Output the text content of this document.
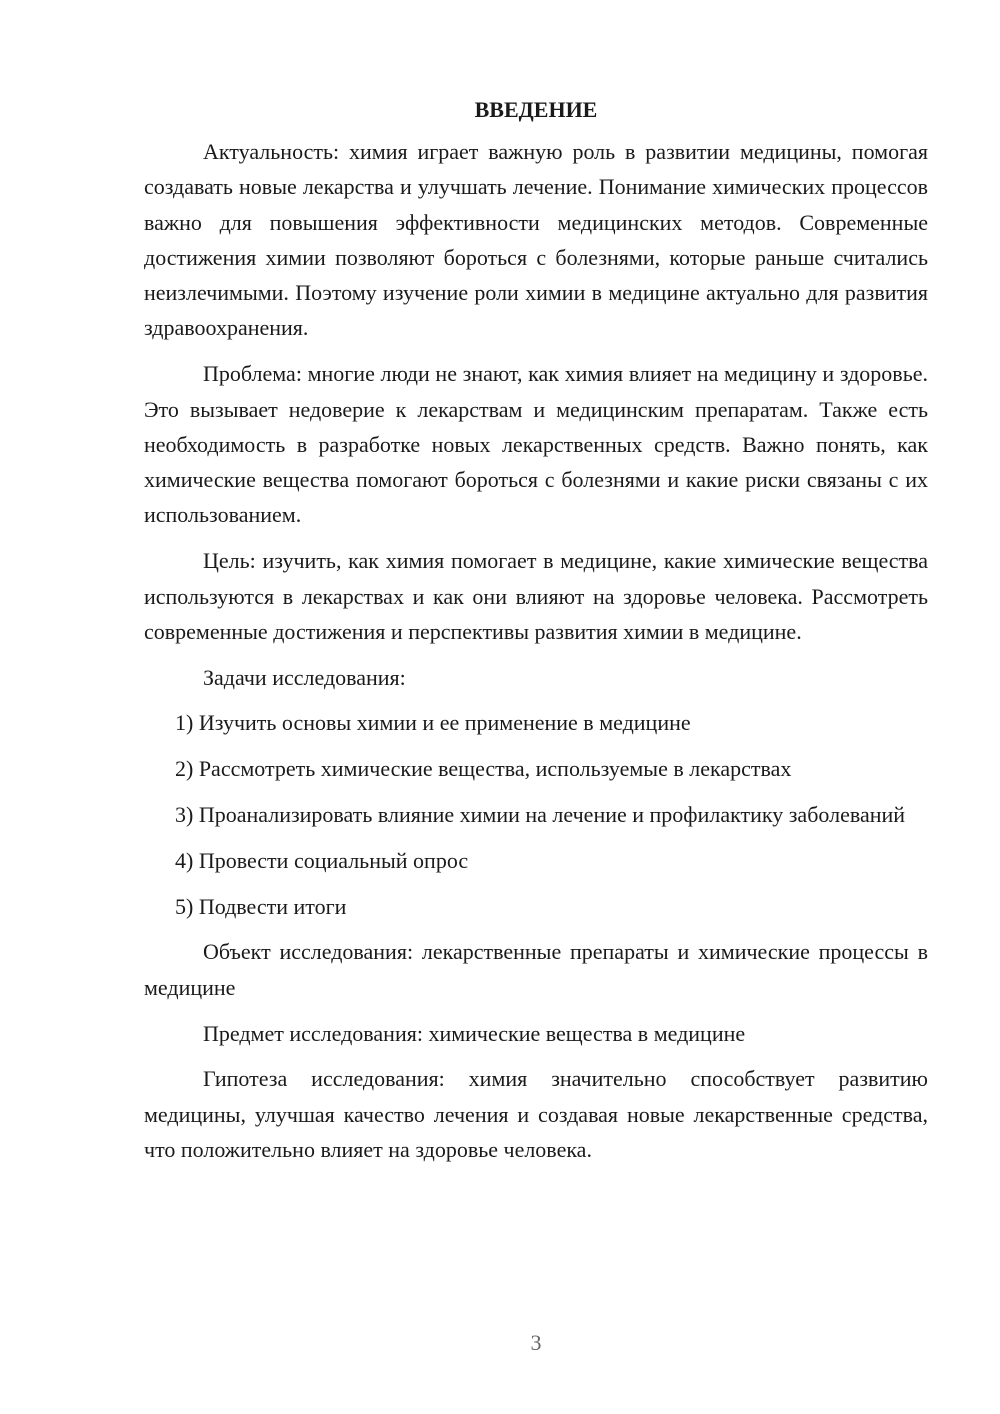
ВВЕДЕНИЕ

Актуальность: химия играет важную роль в развитии медицины, помогая создавать новые лекарства и улучшать лечение. Понимание химических процессов важно для повышения эффективности медицинских методов. Современные достижения химии позволяют бороться с болезнями, которые раньше считались неизлечимыми. Поэтому изучение роли химии в медицине актуально для развития здравоохранения.

Проблема: многие люди не знают, как химия влияет на медицину и здоровье. Это вызывает недоверие к лекарствам и медицинским препаратам. Также есть необходимость в разработке новых лекарственных средств. Важно понять, как химические вещества помогают бороться с болезнями и какие риски связаны с их использованием.

Цель: изучить, как химия помогает в медицине, какие химические вещества используются в лекарствах и как они влияют на здоровье человека. Рассмотреть современные достижения и перспективы развития химии в медицине.

Задачи исследования:

1) Изучить основы химии и ее применение в медицине

2) Рассмотреть химические вещества, используемые в лекарствах

3) Проанализировать влияние химии на лечение и профилактику заболеваний

4) Провести социальный опрос

5) Подвести итоги

Объект исследования: лекарственные препараты и химические процессы в медицине

Предмет исследования: химические вещества в медицине

Гипотеза исследования: химия значительно способствует развитию медицины, улучшая качество лечения и создавая новые лекарственные средства, что положительно влияет на здоровье человека.

3
